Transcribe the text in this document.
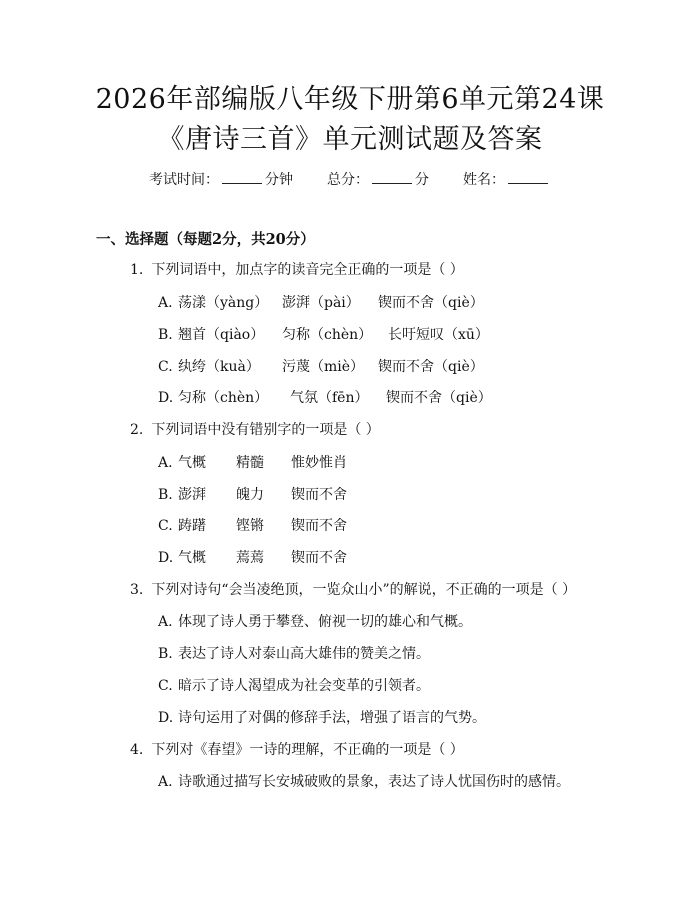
2026年部编版八年级下册第6单元第24课
《唐诗三首》单元测试题及答案
考试时间：	分钟 总分：	分 姓名：
一、选择题（每题2分，共20分）
1. 下列词语中，加点字的读音完全正确的一项是（ ）
A. 荡漾（yàng） 澎湃（pài） 锲而不舍（qiè）
B. 翘首（qiào） 匀称（chèn） 长吁短叹（xū）
C. 纨绔（kuà） 污蔑（miè） 锲而不舍（qiè）
D. 匀称（chèn） 气氛（fēn） 锲而不舍（qiè）
2. 下列词语中没有错别字的一项是（ ）
A. 气概 精髓 惟妙惟肖
B. 澎湃 魄力 锲而不舍
C. 踌躇 铿锵 锲而不舍
D. 气概 蔫蔫 锲而不舍
3. 下列对诗句“会当凌绝顶，一览众山小”的解说，不正确的一项是（ ）
A. 体现了诗人勇于攀登、俯视一切的雄心和气概。
B. 表达了诗人对泰山高大雄伟的赞美之情。
C. 暗示了诗人渴望成为社会变革的引领者。
D. 诗句运用了对偶的修辞手法，增强了语言的气势。
4. 下列对《春望》一诗的理解，不正确的一项是（ ）
A. 诗歌通过描写长安城破败的景象，表达了诗人忧国伤时的感情。
